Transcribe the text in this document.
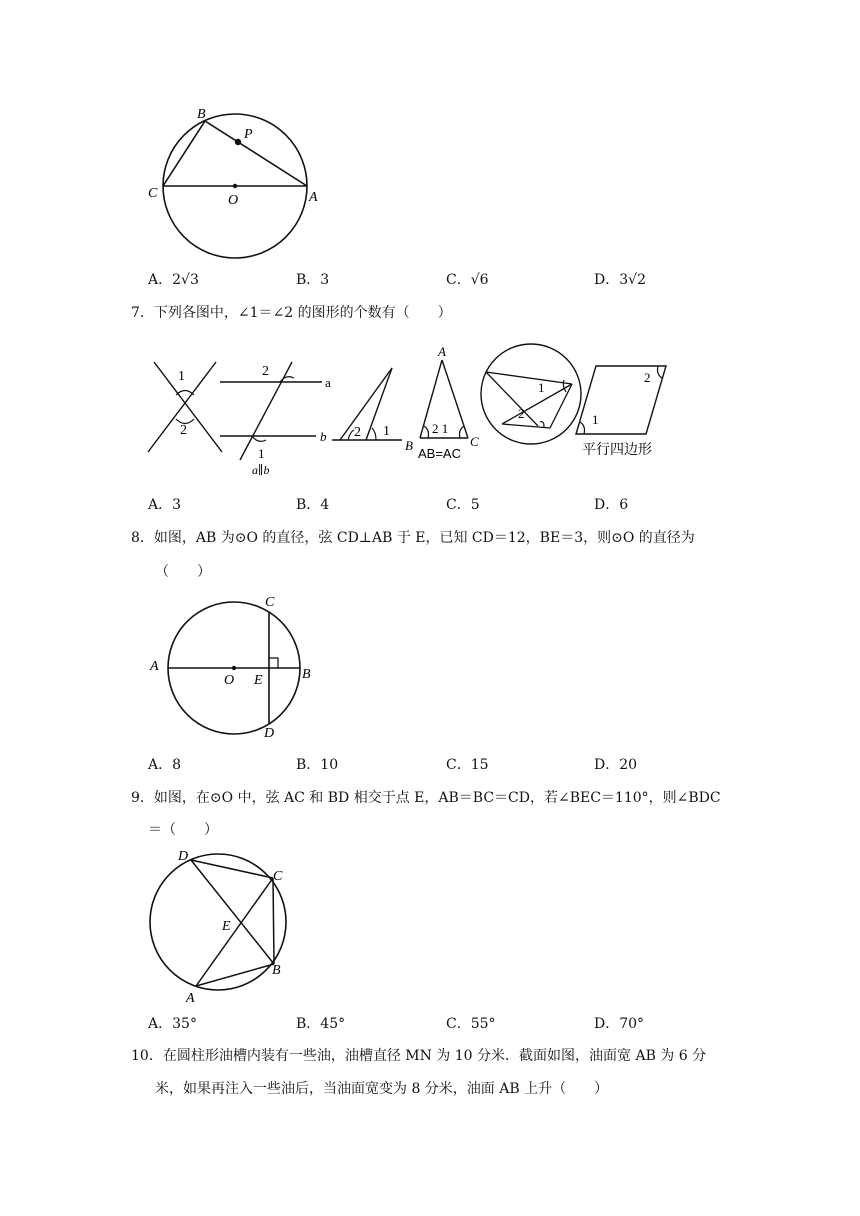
B
P
C	O	A
A．2√3	B．3	C．√6	D．3√2
7．下列各图中，∠1＝∠2 的图形的个数有（　　）
1
2
2
a
b
1
a∥b
2 1
A
B	C
2 1
AB=AC
1
2
2
1
平行四边形
A．3	B．4	C．5	D．6
8．如图，AB 为⊙O 的直径，弦 CD⊥AB 于 E，已知 CD＝12，BE＝3，则⊙O 的直径为
（　　）
A
O E	B
C
D
A．8	B．10	C．15	D．20
9．如图，在⊙O 中，弦 AC 和 BD 相交于点 E，AB＝BC＝CD，若∠BEC＝110°，则∠BDC
＝（　　）
D
C
E
B
A
A．35°	B．45°	C．55°	D．70°
10．在圆柱形油槽内装有一些油，油槽直径 MN 为 10 分米．截面如图，油面宽 AB 为 6 分
米，如果再注入一些油后，当油面宽变为 8 分米，油面 AB 上升（　　）
